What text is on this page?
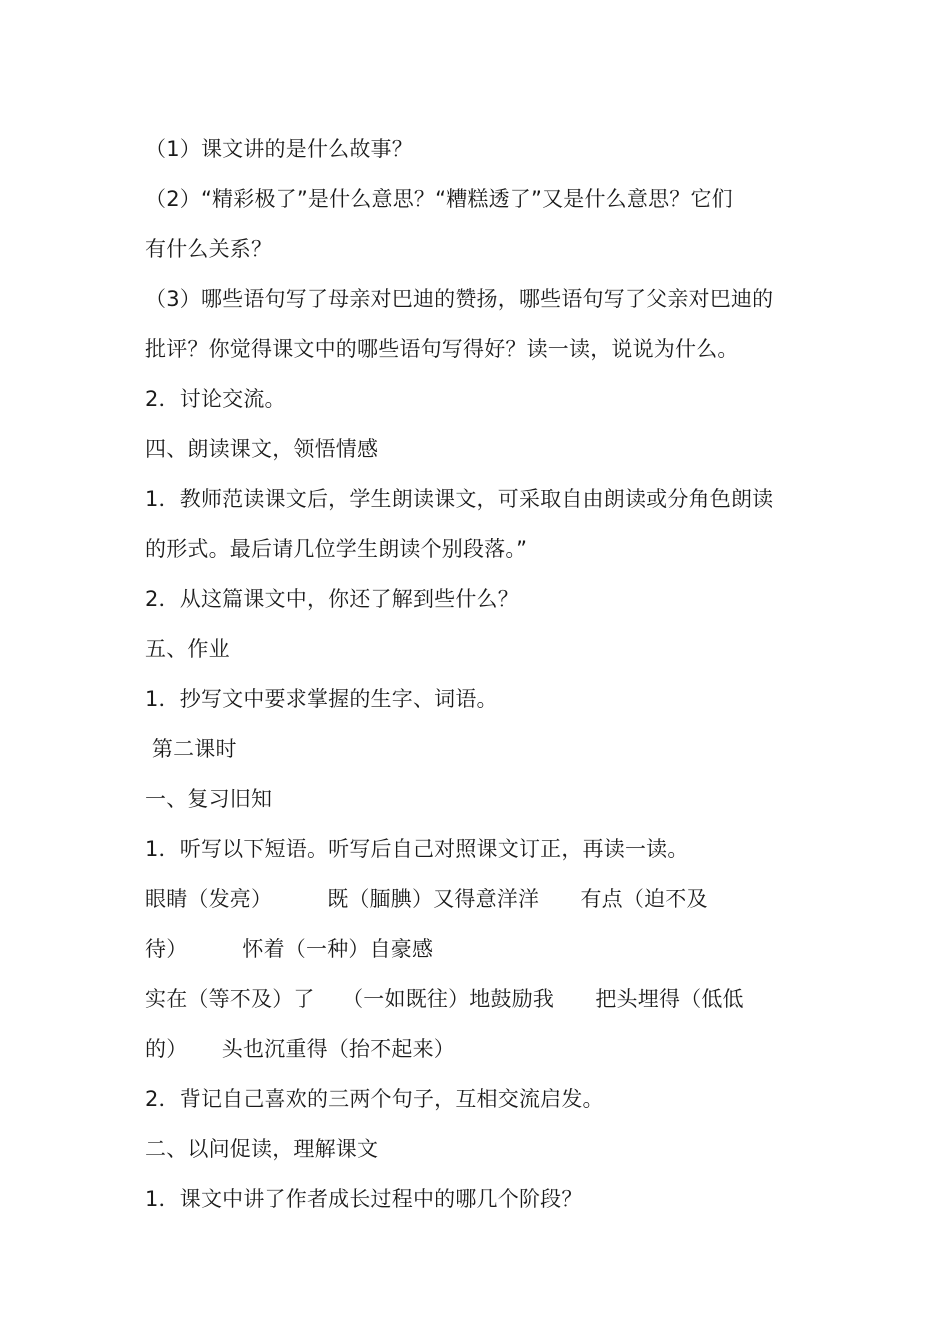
（1）课文讲的是什么故事？
（2）“精彩极了”是什么意思？“糟糕透了”又是什么意思？它们
有什么关系？
（3）哪些语句写了母亲对巴迪的赞扬，哪些语句写了父亲对巴迪的
批评？你觉得课文中的哪些语句写得好？读一读，说说为什么。
2．讨论交流。
四、朗读课文，领悟情感
1．教师范读课文后，学生朗读课文，可采取自由朗读或分角色朗读
的形式。最后请几位学生朗读个别段落。”
2．从这篇课文中，你还了解到些什么？
五、作业
1．抄写文中要求掌握的生字、词语。
第二课时
一、复习旧知
1．听写以下短语。听写后自己对照课文订正，再读一读。
眼睛（发亮）        既（腼腆）又得意洋洋      有点（迫不及
待）        怀着（一种）自豪感
实在（等不及）了    （一如既往）地鼓励我      把头埋得（低低
的）     头也沉重得（抬不起来）
2．背记自己喜欢的三两个句子，互相交流启发。
二、以问促读，理解课文
1．课文中讲了作者成长过程中的哪几个阶段？
